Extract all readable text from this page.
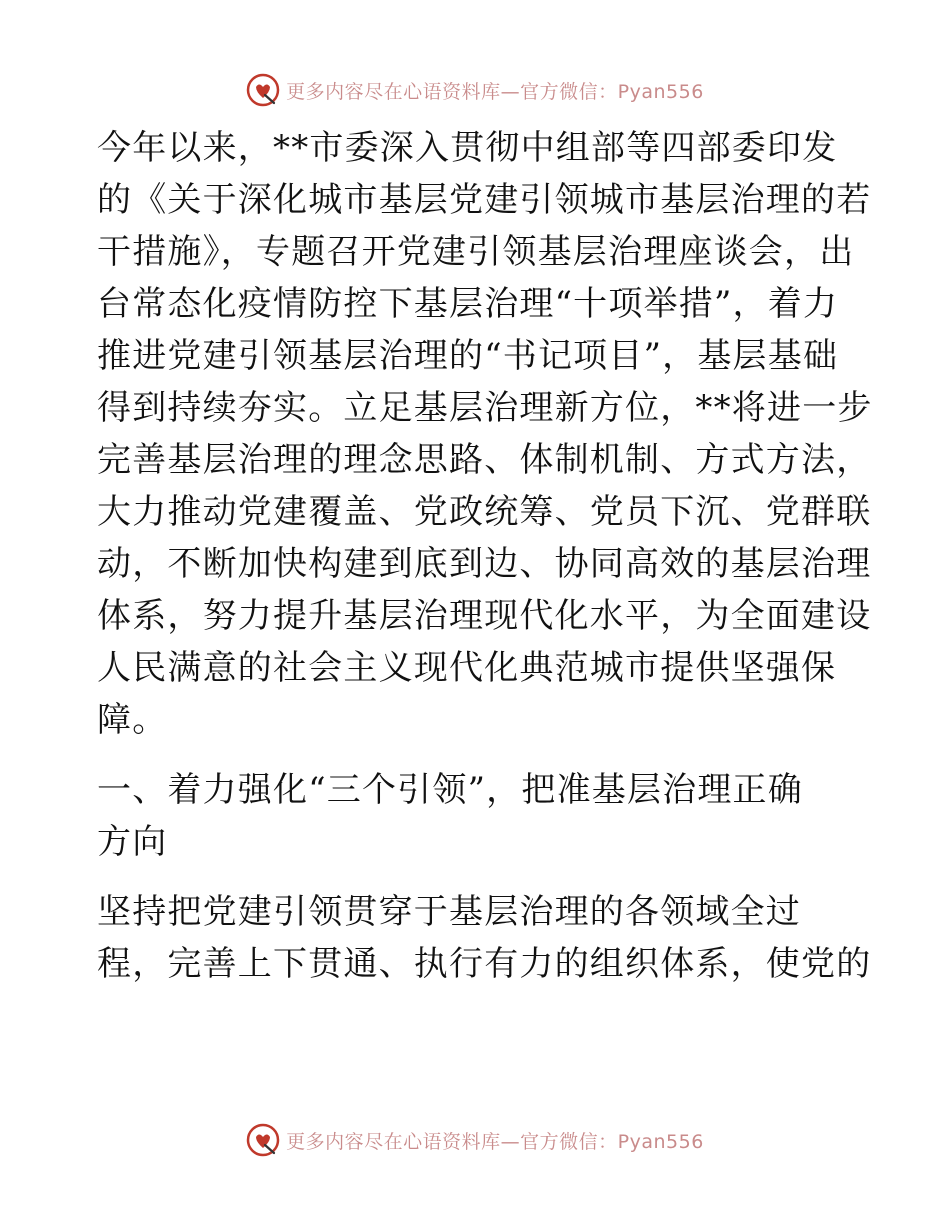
更多内容尽在心语资料库—官方微信：Pyan556
今年以来，**市委深入贯彻中组部等四部委印发
的《关于深化城市基层党建引领城市基层治理的若
干措施》，专题召开党建引领基层治理座谈会，出
台常态化疫情防控下基层治理“十项举措”，着力
推进党建引领基层治理的“书记项目”，基层基础
得到持续夯实。立足基层治理新方位，**将进一步
完善基层治理的理念思路、体制机制、方式方法，
大力推动党建覆盖、党政统筹、党员下沉、党群联
动，不断加快构建到底到边、协同高效的基层治理
体系，努力提升基层治理现代化水平，为全面建设
人民满意的社会主义现代化典范城市提供坚强保
障。
一、着力强化“三个引领”，把准基层治理正确
方向
坚持把党建引领贯穿于基层治理的各领域全过
程，完善上下贯通、执行有力的组织体系，使党的
更多内容尽在心语资料库—官方微信：Pyan556
